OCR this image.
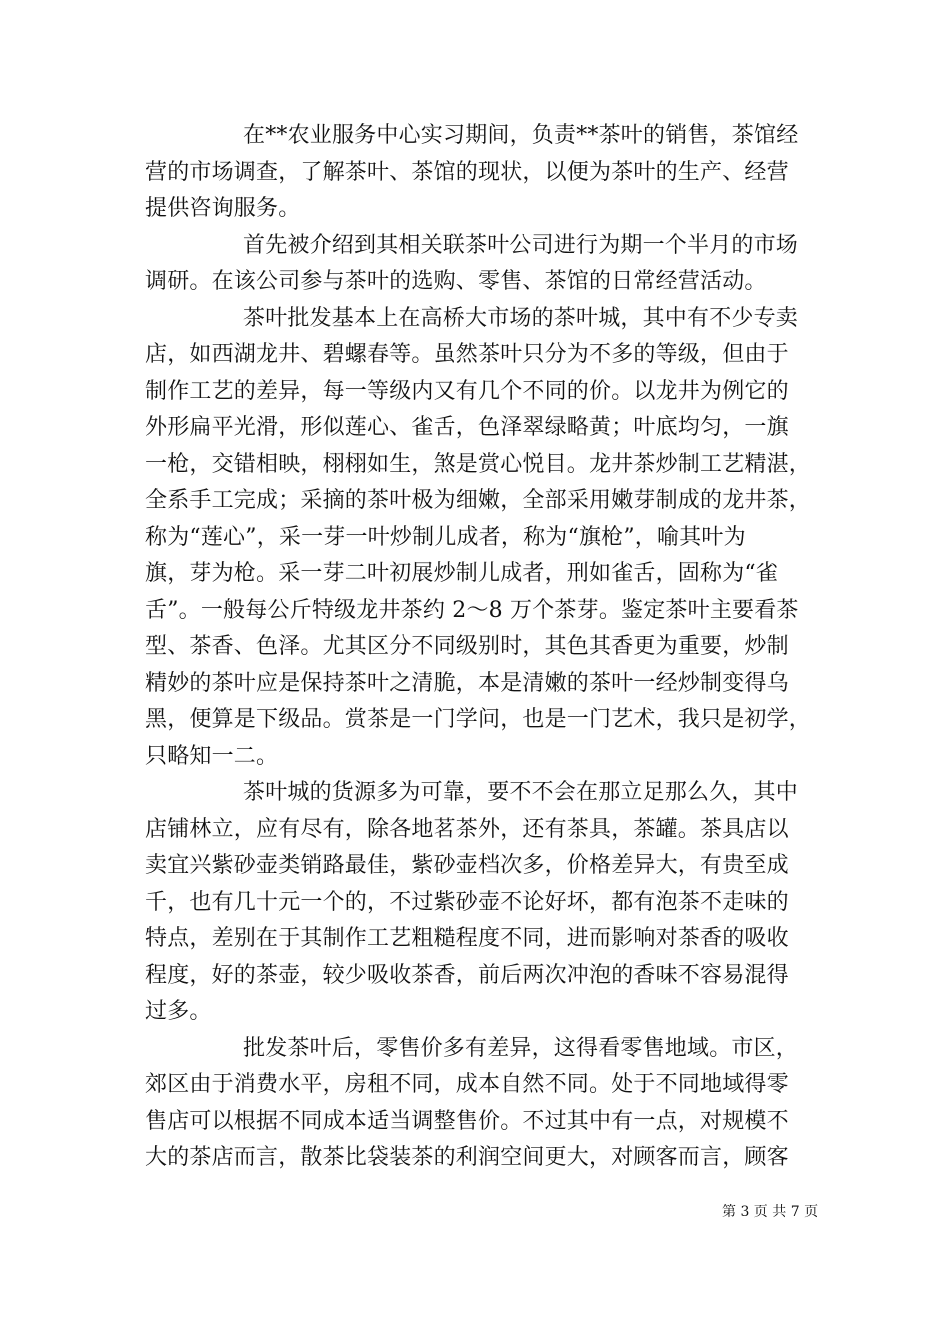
在**农业服务中心实习期间，负责**茶叶的销售，茶馆经
营的市场调查，了解茶叶、茶馆的现状，以便为茶叶的生产、经营
提供咨询服务。
首先被介绍到其相关联茶叶公司进行为期一个半月的市场
调研。在该公司参与茶叶的选购、零售、茶馆的日常经营活动。
茶叶批发基本上在高桥大市场的茶叶城，其中有不少专卖
店，如西湖龙井、碧螺春等。虽然茶叶只分为不多的等级，但由于
制作工艺的差异，每一等级内又有几个不同的价。以龙井为例它的
外形扁平光滑，形似莲心、雀舌，色泽翠绿略黄；叶底均匀，一旗
一枪，交错相映，栩栩如生，煞是赏心悦目。龙井茶炒制工艺精湛，
全系手工完成；采摘的茶叶极为细嫩，全部采用嫩芽制成的龙井茶，
称为“莲心”，采一芽一叶炒制儿成者，称为“旗枪”，喻其叶为
旗，芽为枪。采一芽二叶初展炒制儿成者，刑如雀舌，固称为“雀
舌”。一般每公斤特级龙井茶约 2～8 万个茶芽。鉴定茶叶主要看茶
型、茶香、色泽。尤其区分不同级别时，其色其香更为重要，炒制
精妙的茶叶应是保持茶叶之清脆，本是清嫩的茶叶一经炒制变得乌
黑，便算是下级品。赏茶是一门学问，也是一门艺术，我只是初学，
只略知一二。
茶叶城的货源多为可靠，要不不会在那立足那么久，其中
店铺林立，应有尽有，除各地茗茶外，还有茶具，茶罐。茶具店以
卖宜兴紫砂壶类销路最佳，紫砂壶档次多，价格差异大，有贵至成
千，也有几十元一个的，不过紫砂壶不论好坏，都有泡茶不走味的
特点，差别在于其制作工艺粗糙程度不同，进而影响对茶香的吸收
程度，好的茶壶，较少吸收茶香，前后两次冲泡的香味不容易混得
过多。
批发茶叶后，零售价多有差异，这得看零售地域。市区，
郊区由于消费水平，房租不同，成本自然不同。处于不同地域得零
售店可以根据不同成本适当调整售价。不过其中有一点，对规模不
大的茶店而言，散茶比袋装茶的利润空间更大，对顾客而言，顾客
第 3 页 共 7 页
